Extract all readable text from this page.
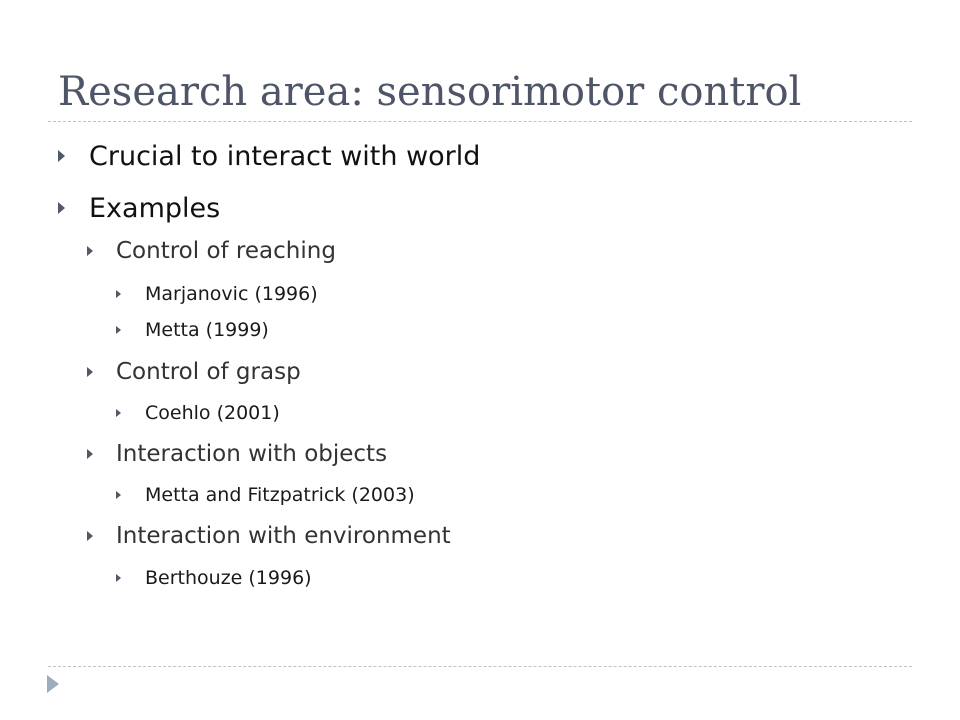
Research area: sensorimotor control
Crucial to interact with world
Examples
Control of reaching
Marjanovic (1996)
Metta (1999)
Control of grasp
Coehlo (2001)
Interaction with objects
Metta and Fitzpatrick (2003)
Interaction with environment
Berthouze (1996)
